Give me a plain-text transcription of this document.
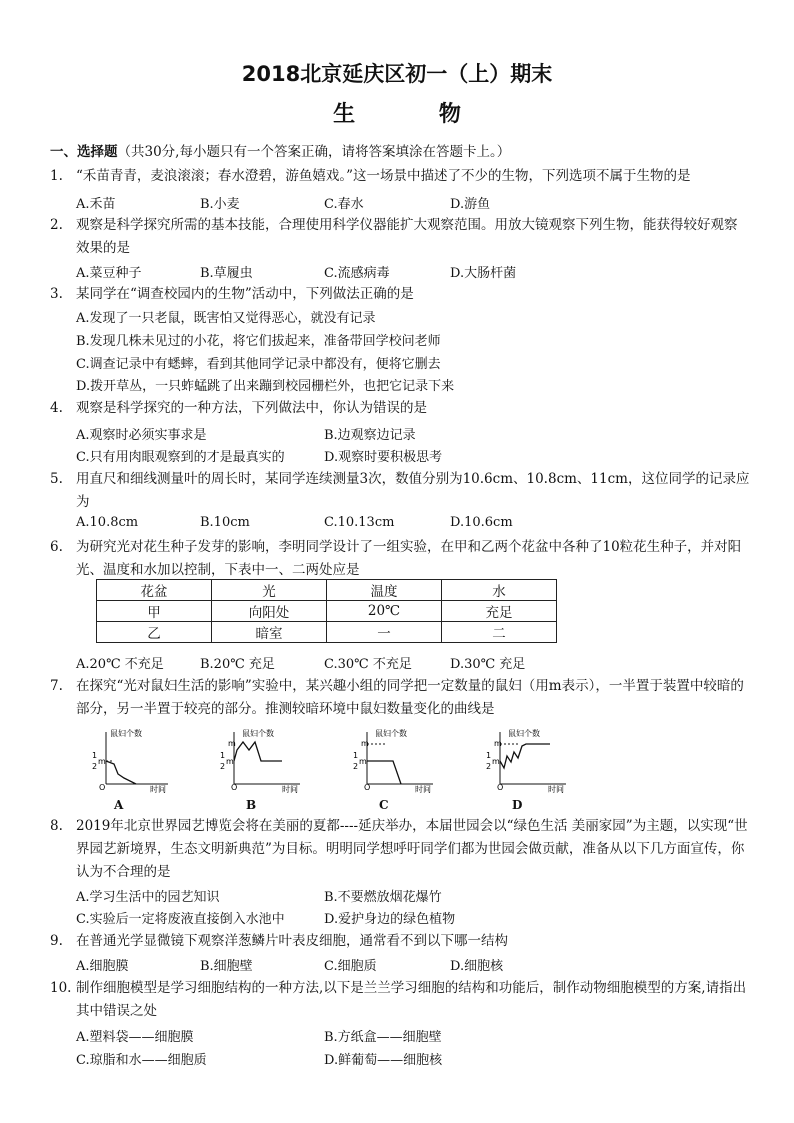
2018北京延庆区初一（上）期末
生 物
一、选择题（共30分,每小题只有一个答案正确，请将答案填涂在答题卡上。）
1. “禾苗青青，麦浪滚滚；春水澄碧，游鱼嬉戏。”这一场景中描述了不少的生物，下列选项不属于生物的是
A.禾苗	B.小麦	C.春水	D.游鱼
2. 观察是科学探究所需的基本技能，合理使用科学仪器能扩大观察范围。用放大镜观察下列生物，能获得较好观察效果的是
A.菜豆种子	B.草履虫	C.流感病毒	D.大肠杆菌
3. 某同学在“调查校园内的生物”活动中，下列做法正确的是
A.发现了一只老鼠，既害怕又觉得恶心，就没有记录
B.发现几株未见过的小花，将它们拔起来，准备带回学校问老师
C.调查记录中有蟋蟀，看到其他同学记录中都没有，便将它删去
D.拨开草丛，一只蚱蜢跳了出来蹦到校园栅栏外，也把它记录下来
4. 观察是科学探究的一种方法，下列做法中，你认为错误的是
A.观察时必须实事求是	B.边观察边记录
C.只有用肉眼观察到的才是最真实的	D.观察时要积极思考
5. 用直尺和细线测量叶的周长时，某同学连续测量3次，数值分别为10.6cm、10.8cm、11cm，这位同学的记录应为
A.10.8cm	B.10cm	C.10.13cm	D.10.6cm
6. 为研究光对花生种子发芽的影响，李明同学设计了一组实验，在甲和乙两个花盆中各种了10粒花生种子，并对阳光、温度和水加以控制，下表中一、二两处应是
花盆	光	温度	水
甲	向阳处	20℃	充足
乙	暗室	一	二
A.20℃ 不充足	B.20℃ 充足	C.30℃ 不充足	D.30℃ 充足
7. 在探究“光对鼠妇生活的影响”实验中，某兴趣小组的同学把一定数量的鼠妇（用m表示），一半置于装置中较暗的部分，另一半置于较亮的部分。推测较暗环境中鼠妇数量变化的曲线是
鼠妇个数
时间
O
1
2
m
A
鼠妇个数
时间
O
m
1
2
m
B
鼠妇个数
时间
O
m
1
2
m
C
鼠妇个数
时间
O
m
1
2
m
D
8. 2019年北京世界园艺博览会将在美丽的夏都----延庆举办，本届世园会以“绿色生活 美丽家园”为主题，以实现“世界园艺新境界，生态文明新典范”为目标。明明同学想呼吁同学们都为世园会做贡献，准备从以下几方面宣传，你认为不合理的是
A.学习生活中的园艺知识	B.不要燃放烟花爆竹
C.实验后一定将废液直接倒入水池中	D.爱护身边的绿色植物
9. 在普通光学显微镜下观察洋葱鳞片叶表皮细胞，通常看不到以下哪一结构
A.细胞膜	B.细胞壁	C.细胞质	D.细胞核
10. 制作细胞模型是学习细胞结构的一种方法,以下是兰兰学习细胞的结构和功能后，制作动物细胞模型的方案,请指出其中错误之处
A.塑料袋——细胞膜	B.方纸盒——细胞壁
C.琼脂和水——细胞质	D.鲜葡萄——细胞核
